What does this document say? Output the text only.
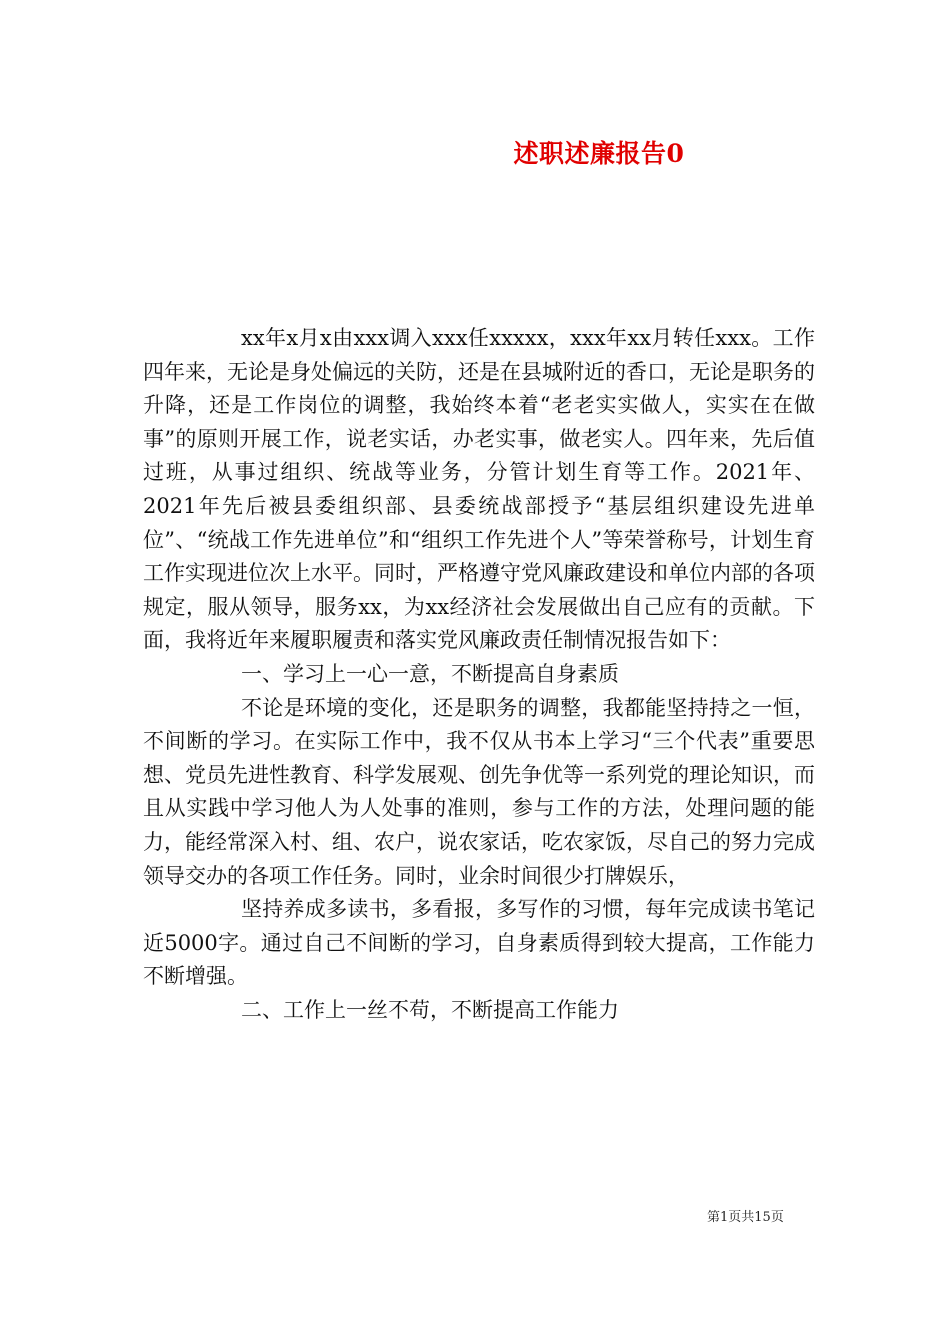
述职述廉报告0

xx年x月x由xxx调入xxx任xxxxx，xxx年xx月转任xxx。工作四年来，无论是身处偏远的关防，还是在县城附近的香口，无论是职务的升降，还是工作岗位的调整，我始终本着“老老实实做人，实实在在做事”的原则开展工作，说老实话，办老实事，做老实人。四年来，先后值过班，从事过组织、统战等业务，分管计划生育等工作。2021年、2021年先后被县委组织部、县委统战部授予“基层组织建设先进单位”、“统战工作先进单位”和“组织工作先进个人”等荣誉称号，计划生育工作实现进位次上水平。同时，严格遵守党风廉政建设和单位内部的各项规定，服从领导，服务xx，为xx经济社会发展做出自己应有的贡献。下面，我将近年来履职履责和落实党风廉政责任制情况报告如下：

一、学习上一心一意，不断提高自身素质

不论是环境的变化，还是职务的调整，我都能坚持持之一恒，不间断的学习。在实际工作中，我不仅从书本上学习“三个代表”重要思想、党员先进性教育、科学发展观、创先争优等一系列党的理论知识，而且从实践中学习他人为人处事的准则，参与工作的方法，处理问题的能力，能经常深入村、组、农户，说农家话，吃农家饭，尽自己的努力完成领导交办的各项工作任务。同时，业余时间很少打牌娱乐，

坚持养成多读书，多看报，多写作的习惯，每年完成读书笔记近5000字。通过自己不间断的学习，自身素质得到较大提高，工作能力不断增强。

二、工作上一丝不苟，不断提高工作能力

第1页共15页
